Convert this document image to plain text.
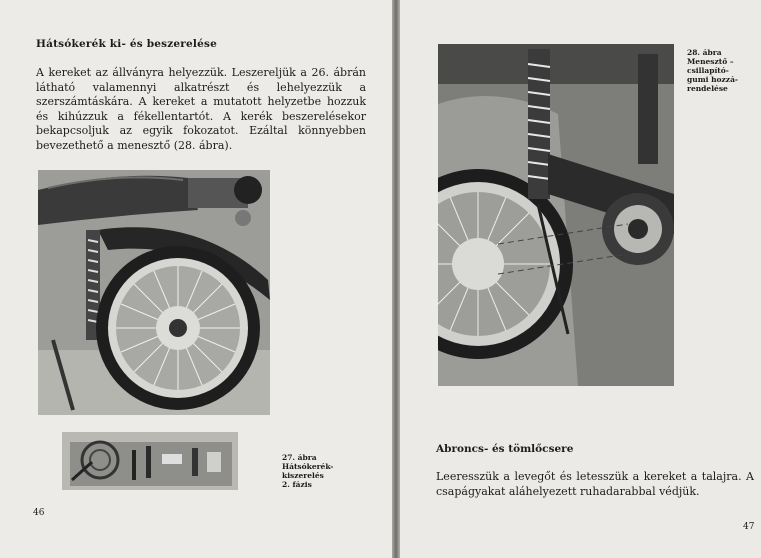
Hátsókerék ki- és beszerelése

A kereket az állványra helyezzük. Leszereljük a 26. ábrán látható valamennyi alkatrészt és lehelyezzük a szerszámtáskára. A kereket a mutatott helyzetbe hozzuk és kihúzzuk a fékellentartót. A kerék beszerelésekor bekapcsoljuk az egyik fokozatot. Ezáltal könnyebben bevezethető a menesztő (28. ábra).

27. ábra
Hátsókerék-
kiszerelés
2. fázis
46
28. ábra
Menesztő –
csillapító-
gumi hozzá-
rendelése
Abroncs- és tömlőcsere

Leeresszük a levegőt és letesszük a kereket a talajra. A csapágyakat aláhelyezett ruhadarabbal védjük.

47
